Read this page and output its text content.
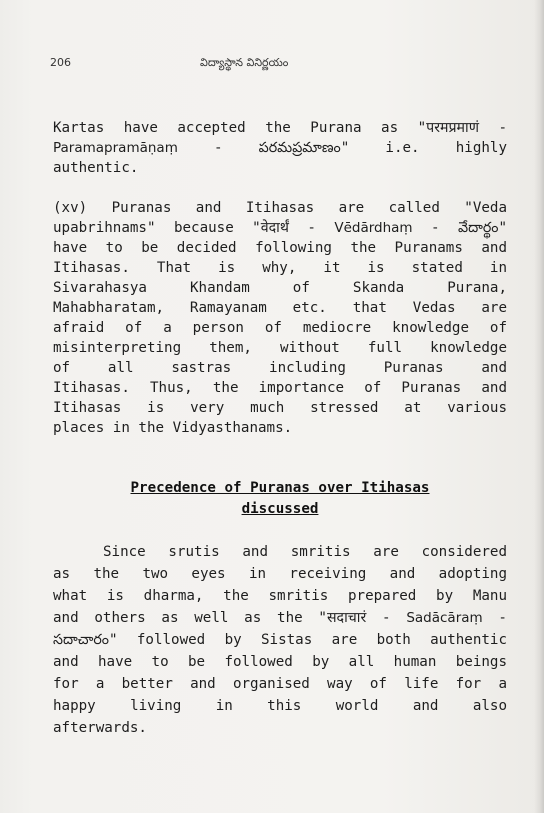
206	విద్యాస్థాన వినిర్ణయం

Kartas have accepted the Purana as "परमप्रमाणं -

Paramapramāṇaṃ - పరమప్రమాణం" i.e. highly

authentic.

(xv) Puranas and Itihasas are called "Veda

upabrihnams" because "वेदार्थं - Vēdārdhaṃ - వేదార్థం"

have to be decided following the Puranams and

Itihasas. That is why, it is stated in

Sivarahasya Khandam of Skanda Purana,

Mahabharatam, Ramayanam etc. that Vedas are

afraid of a person of mediocre knowledge of

misinterpreting them, without full knowledge

of all sastras including Puranas and

Itihasas. Thus, the importance of Puranas and

Itihasas is very much stressed at various

places in the Vidyasthanams.

Precedence of Puranas over Itihasas
discussed

Since srutis and smritis are considered

as the two eyes in receiving and adopting

what is dharma, the smritis prepared by Manu

and others as well as the "सदाचारं - Sadācāraṃ -

సదాచారం" followed by Sistas are both authentic

and have to be followed by all human beings

for a better and organised way of life for a

happy living in this world and also

afterwards.
